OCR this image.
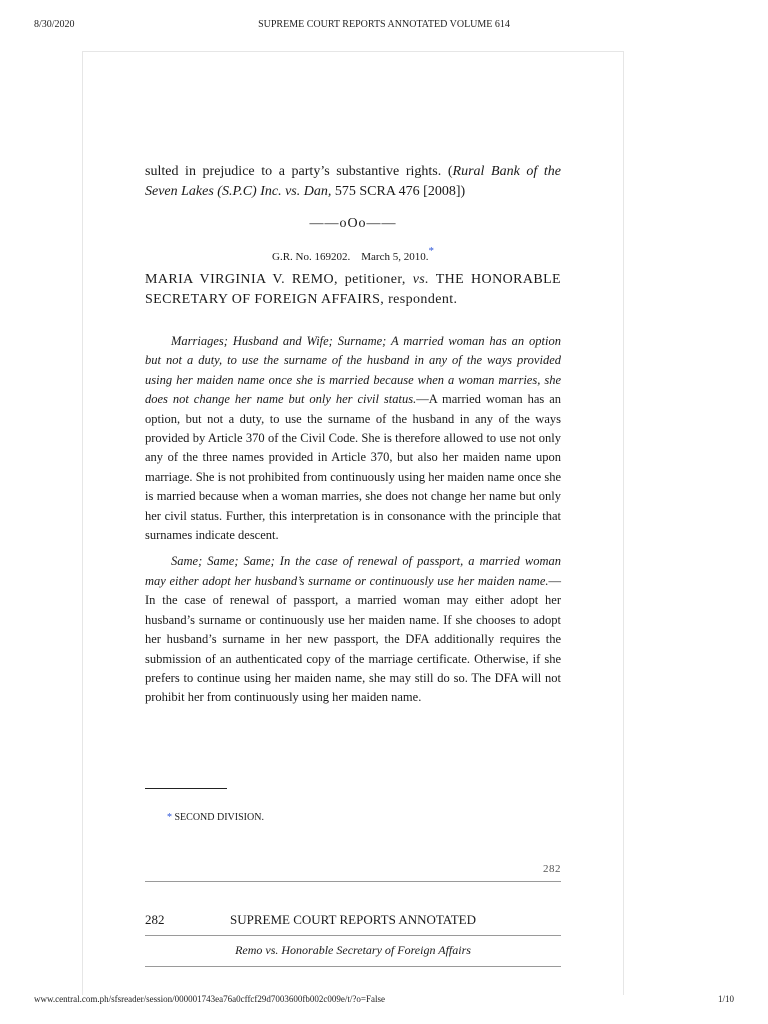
8/30/2020	SUPREME COURT REPORTS ANNOTATED VOLUME 614
sulted in prejudice to a party’s substantive rights. (Rural Bank of the Seven Lakes (S.P.C) Inc. vs. Dan, 575 SCRA 476 [2008])
——oOo——
G.R. No. 169202. March 5, 2010.*
MARIA VIRGINIA V. REMO, petitioner, vs. THE HONORABLE SECRETARY OF FOREIGN AFFAIRS, respondent.

Marriages; Husband and Wife; Surname; A married woman has an option but not a duty, to use the surname of the husband in any of the ways provided using her maiden name once she is married because when a woman marries, she does not change her name but only her civil status.—A married woman has an option, but not a duty, to use the surname of the husband in any of the ways provided by Article 370 of the Civil Code. She is therefore allowed to use not only any of the three names provided in Article 370, but also her maiden name upon marriage. She is not prohibited from continuously using her maiden name once she is married because when a woman marries, she does not change her name but only her civil status. Further, this interpretation is in consonance with the principle that surnames indicate descent.

Same; Same; Same; In the case of renewal of passport, a married woman may either adopt her husband’s surname or continuously use her maiden name.—In the case of renewal of passport, a married woman may either adopt her husband’s surname or continuously use her maiden name. If she chooses to adopt her husband’s surname in her new passport, the DFA additionally requires the submission of an authenticated copy of the marriage certificate. Otherwise, if she prefers to continue using her maiden name, she may still do so. The DFA will not prohibit her from continuously using her maiden name.

* SECOND DIVISION.
282
282	SUPREME COURT REPORTS ANNOTATED
Remo vs. Honorable Secretary of Foreign Affairs
www.central.com.ph/sfsreader/session/000001743ea76a0cffcf29d7003600fb002c009e/t/?o=False	1/10
